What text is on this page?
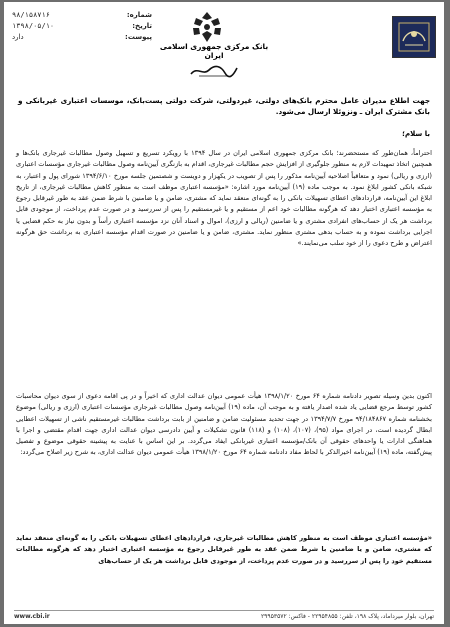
شماره:
۹۸/۱۵۸۷۱۶
تاریخ:
۱۳۹۸/۰۵/۱۰
پیوست:
دارد
بانک مرکزی جمهوری اسلامی ایران
جهت اطلاع مدیران عامل محترم بانک‌های دولتی، غیردولتی، شرکت دولتی پست‌بانک، موسسات اعتباری غیربانکی و بانک مشترک ایران ـ ونزوئلا ارسال می‌شود.
با سلام؛
احتراماً، همان‌طور که مستحضرند؛ بانک مرکزی جمهوری اسلامی ایران در سال ۱۳۹۴ با رویکرد تسریع و تسهیل وصول مطالبات غیرجاری بانک‌ها و همچنین اتخاذ تمهیدات لازم به منظور جلوگیری از افزایش حجم مطالبات غیرجاری، اقدام به بازنگری آیین‌نامه وصول مطالبات غیرجاری مؤسسات اعتباری (ارزی و ریالی) نمود و متعاقباً اصلاحیه آیین‌نامه مذکور را پس از تصویب در یکهزار و دویست و شصتمین جلسه مورخ ۱۳۹۴/۶/۱۰ شورای پول و اعتبار، به شبکه بانکی کشور ابلاغ نمود. به موجب ماده (۱۹) آیین‌نامه مورد اشاره: «مؤسسه اعتباری موظف است به منظور کاهش مطالبات غیرجاری، از تاریخ ابلاغ این آیین‌نامه، قراردادهای اعطای تسهیلات بانکی را به گونه‌ای منعقد نماید که مشتری، ضامن و یا ضامنین با شرط ضمن عقد به طور غیرقابل رجوع به مؤسسه اعتباری اختیار دهد که هرگونه مطالبات خود اعم از مستقیم و یا غیرمستقیم را پس از سررسید و در صورت عدم پرداخت، از موجودی قابل برداشت هر یک از حساب‌های انفرادی مشتری و یا ضامنین (ریالی و ارزی)، اموال و اسناد آنان نزد مؤسسه اعتباری رأساً و بدون نیاز به حکم قضایی یا اجرایی برداشت نموده و به حساب بدهی مشتری منظور نماید. مشتری، ضامن و یا ضامنین در صورت اقدام مؤسسه اعتباری به برداشت حق هرگونه اعتراض و طرح دعوی را از خود سلب می‌نمایند.»
اکنون بدین وسیله تصویر دادنامه شماره ۶۴ مورخ ۱۳۹۸/۱/۲۰ هیأت عمومی دیوان عدالت اداری که اخیراً و در پی اقامه دعوی از سوی دیوان محاسبات کشور توسط مرجع قضایی یاد شده اصدار یافته و به موجب آن، ماده (۱۹) آیین‌نامه وصول مطالبات غیرجاری مؤسسات اعتباری (ارزی و ریالی) موضوع بخشنامه شماره ۹۴/۱۸۴۸۶۷ مورخ ۱۳۹۴/۷/۷ در جهت تحدید مسئولیت ضامن و ضامنین از بابت برداشت مطالبات غیرمستقیم ناشی از تسهیلات اعطایی ابطال گردیده است، در اجرای مواد (۹۵)، (۱۰۷)، (۱۰۸) و (۱۱۸) قانون تشکیلات و آیین دادرسی دیوان عدالت اداری جهت اقدام مقتضی و اجرا با هماهنگی ادارات یا واحدهای حقوقی آن بانک/مؤسسه اعتباری غیربانکی ایفاد می‌گردد. بر این اساس با عنایت به پیشینه حقوقی موضوع و تفصیل پیش‌گفته، ماده (۱۹) آیین‌نامه اخیرالذکر با لحاظ مفاد دادنامه شماره ۶۴ مورخ ۱۳۹۸/۱/۲۰ هیأت عمومی دیوان عدالت اداری، به شرح زیر اصلاح می‌گردد:
«مؤسسه اعتباری موظف است به منظور کاهش مطالبات غیرجاری، قراردادهای اعطای تسهیلات بانکی را به گونه‌ای منعقد نماید که مشتری، ضامن و یا ضامنین با شرط ضمن عقد به طور غیرقابل رجوع به مؤسسه اعتباری اختیار دهد که هرگونه مطالبات مستقیم خود را پس از سررسید و در صورت عدم پرداخت، از موجودی قابل برداشت هر یک از حساب‌های
www.cbi.ir	تهران، بلوار میرداماد، پلاک ۱۹۸، تلفن: ۲۲۹۵۴۸۵۵ - فاکس: ۲۹۹۵۳۵۷۲
